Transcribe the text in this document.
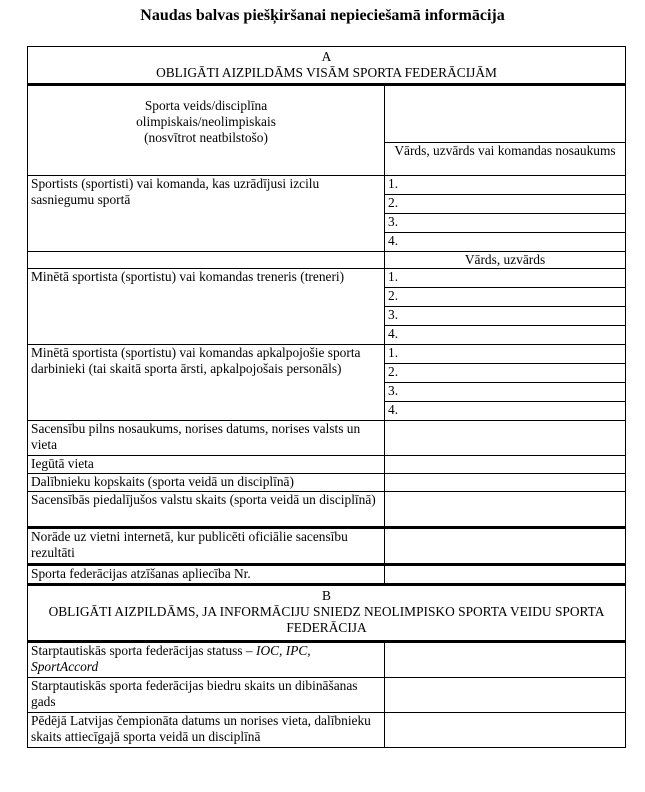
Naudas balvas piešķiršanai nepieciešamā informācija
A
OBLIGĀTI AIZPILDĀMS VISĀM SPORTA FEDERĀCIJĀM	

Sporta veids/disciplīna
olimpiskais/neolimpiskais
(nosvītrot neatbilstošo)	

	Vārds, uzvārds vai komandas nosaukums
Sportists (sportisti) vai komanda, kas uzrādījusi izcilu sasniegumu sportā	1.
	2.
	3.
	4.
	Vārds, uzvārds
Minētā sportista (sportistu) vai komandas treneris (treneri)	1.
	2.
	3.
	4.
Minētā sportista (sportistu) vai komandas apkalpojošie sporta darbinieki (tai skaitā sporta ārsti, apkalpojošais personāls)	1.
	2.
	3.
	4.
Sacensību pilns nosaukums, norises datums, norises valsts un vieta	
Iegūtā vieta	
Dalībnieku kopskaits (sporta veidā un disciplīnā)	
Sacensībās piedalījušos valstu skaits (sporta veidā un disciplīnā)	
Norāde uz vietni internetā, kur publicēti oficiālie sacensību rezultāti	
Sporta federācijas atzīšanas apliecība Nr.	

B
OBLIGĀTI AIZPILDĀMS, JA INFORMĀCIJU SNIEDZ NEOLIMPISKO SPORTA VEIDU SPORTA FEDERĀCIJA	

Starptautiskās sporta federācijas statuss – IOC, IPC, SportAccord	
Starptautiskās sporta federācijas biedru skaits un dibināšanas gads	
Pēdējā Latvijas čempionāta datums un norises vieta, dalībnieku skaits attiecīgajā sporta veidā un disciplīnā	
